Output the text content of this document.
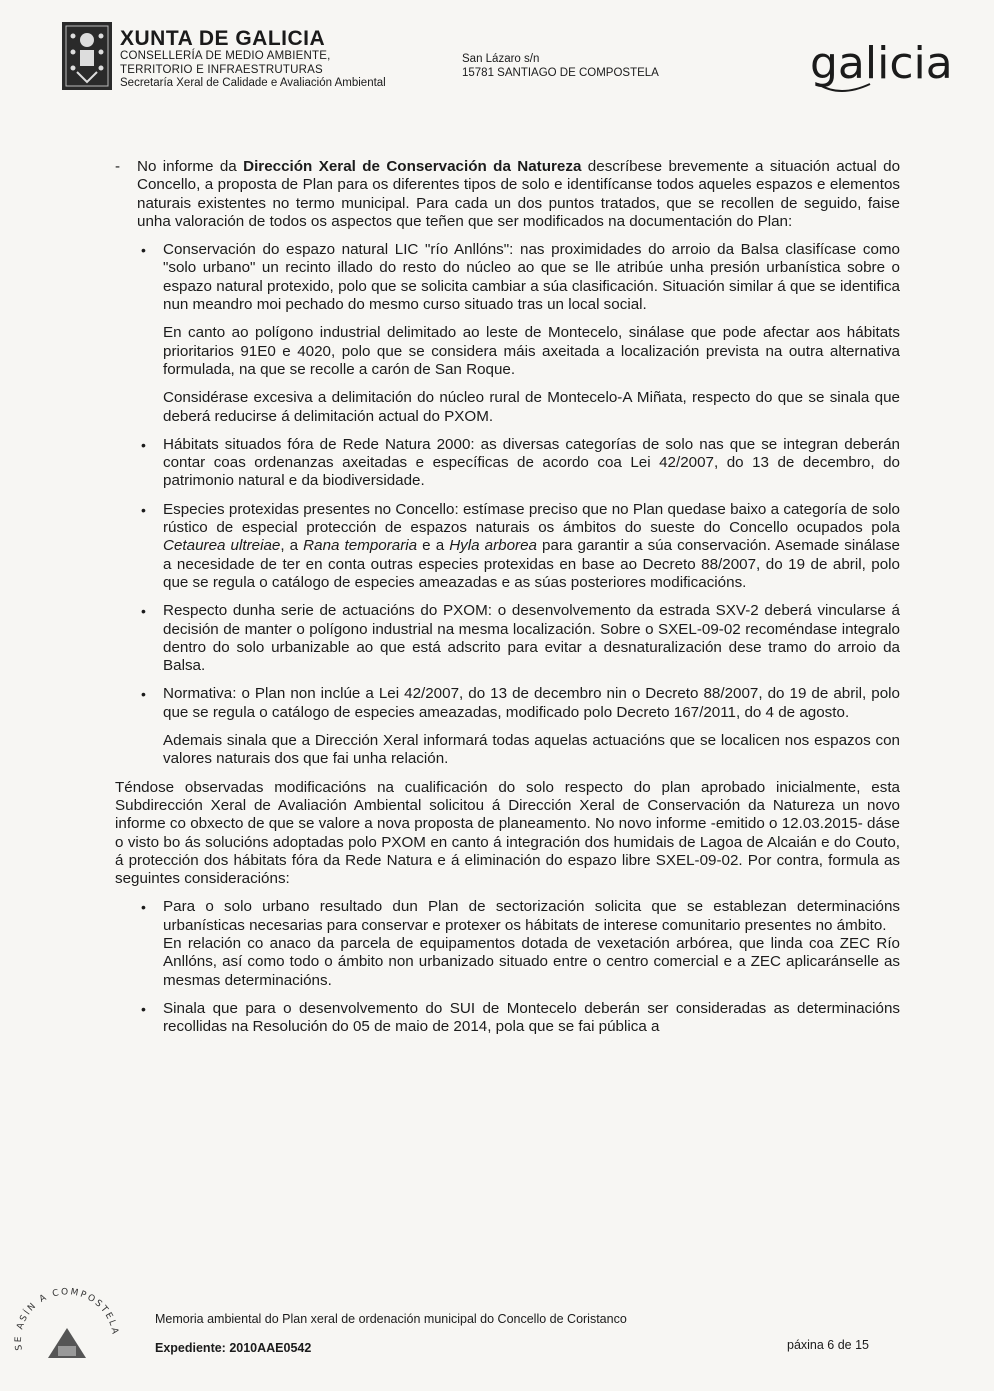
XUNTA DE GALICIA
CONSELLERÍA DE MEDIO AMBIENTE,
TERRITORIO E INFRAESTRUTURAS
Secretaría Xeral de Calidade e Avaliación Ambiental
San Lázaro s/n
15781 SANTIAGO DE COMPOSTELA	galicia

- No informe da Dirección Xeral de Conservación da Natureza descríbese brevemente a situación actual do Concello, a proposta de Plan para os diferentes tipos de solo e identifícanse todos aqueles espazos e elementos naturais existentes no termo municipal. Para cada un dos puntos tratados, que se recollen de seguido, faise unha valoración de todos os aspectos que teñen que ser modificados na documentación do Plan:

• Conservación do espazo natural LIC "río Anllóns": nas proximidades do arroio da Balsa clasifícase como "solo urbano" un recinto illado do resto do núcleo ao que se lle atribúe unha presión urbanística sobre o espazo natural protexido, polo que se solicita cambiar a súa clasificación. Situación similar á que se identifica nun meandro moi pechado do mesmo curso situado tras un local social.

En canto ao polígono industrial delimitado ao leste de Montecelo, sinálase que pode afectar aos hábitats prioritarios 91E0 e 4020, polo que se considera máis axeitada a localización prevista na outra alternativa formulada, na que se recolle a carón de San Roque.

Considérase excesiva a delimitación do núcleo rural de Montecelo-A Miñata, respecto do que se sinala que deberá reducirse á delimitación actual do PXOM.

• Hábitats situados fóra de Rede Natura 2000: as diversas categorías de solo nas que se integran deberán contar coas ordenanzas axeitadas e específicas de acordo coa Lei 42/2007, do 13 de decembro, do patrimonio natural e da biodiversidade.
• Especies protexidas presentes no Concello: estímase preciso que no Plan quedase baixo a categoría de solo rústico de especial protección de espazos naturais os ámbitos do sueste do Concello ocupados pola Cetaurea ultreiae, a Rana temporaria e a Hyla arborea para garantir a súa conservación. Asemade sinálase a necesidade de ter en conta outras especies protexidas en base ao Decreto 88/2007, do 19 de abril, polo que se regula o catálogo de especies ameazadas e as súas posteriores modificacións.
• Respecto dunha serie de actuacións do PXOM: o desenvolvemento da estrada SXV-2 deberá vincularse á decisión de manter o polígono industrial na mesma localización. Sobre o SXEL-09-02 recoméndase integralo dentro do solo urbanizable ao que está adscrito para evitar a desnaturalización dese tramo do arroio da Balsa.
• Normativa: o Plan non inclúe a Lei 42/2007, do 13 de decembro nin o Decreto 88/2007, do 19 de abril, polo que se regula o catálogo de especies ameazadas, modificado polo Decreto 167/2011, do 4 de agosto.

Ademais sinala que a Dirección Xeral informará todas aquelas actuacións que se localicen nos espazos con valores naturais dos que fai unha relación.

Téndose observadas modificacións na cualificación do solo respecto do plan aprobado inicialmente, esta Subdirección Xeral de Avaliación Ambiental solicitou á Dirección Xeral de Conservación da Natureza un novo informe co obxecto de que se valore a nova proposta de planeamento. No novo informe -emitido o 12.03.2015- dáse o visto bo ás solucións adoptadas polo PXOM en canto á integración dos humidais de Lagoa de Alcaián e do Couto, á protección dos hábitats fóra da Rede Natura e á eliminación do espazo libre SXEL-09-02. Por contra, formula as seguintes consideracións:

• Para o solo urbano resultado dun Plan de sectorización solicita que se establezan determinacións urbanísticas necesarias para conservar e protexer os hábitats de interese comunitario presentes no ámbito.
En relación co anaco da parcela de equipamentos dotada de vexetación arbórea, que linda coa ZEC Río Anllóns, así como todo o ámbito non urbanizado situado entre o centro comercial e a ZEC aplicaránselle as mesmas determinacións.
• Sinala que para o desenvolvemento do SUI de Montecelo deberán ser consideradas as determinacións recollidas na Resolución do 05 de maio de 2014, pola que se fai pública a
SE ASÍN A COMPOSTELA
Memoria ambiental do Plan xeral de ordenación municipal do Concello de Coristanco
Expediente: 2010AAE0542	páxina 6 de 15
